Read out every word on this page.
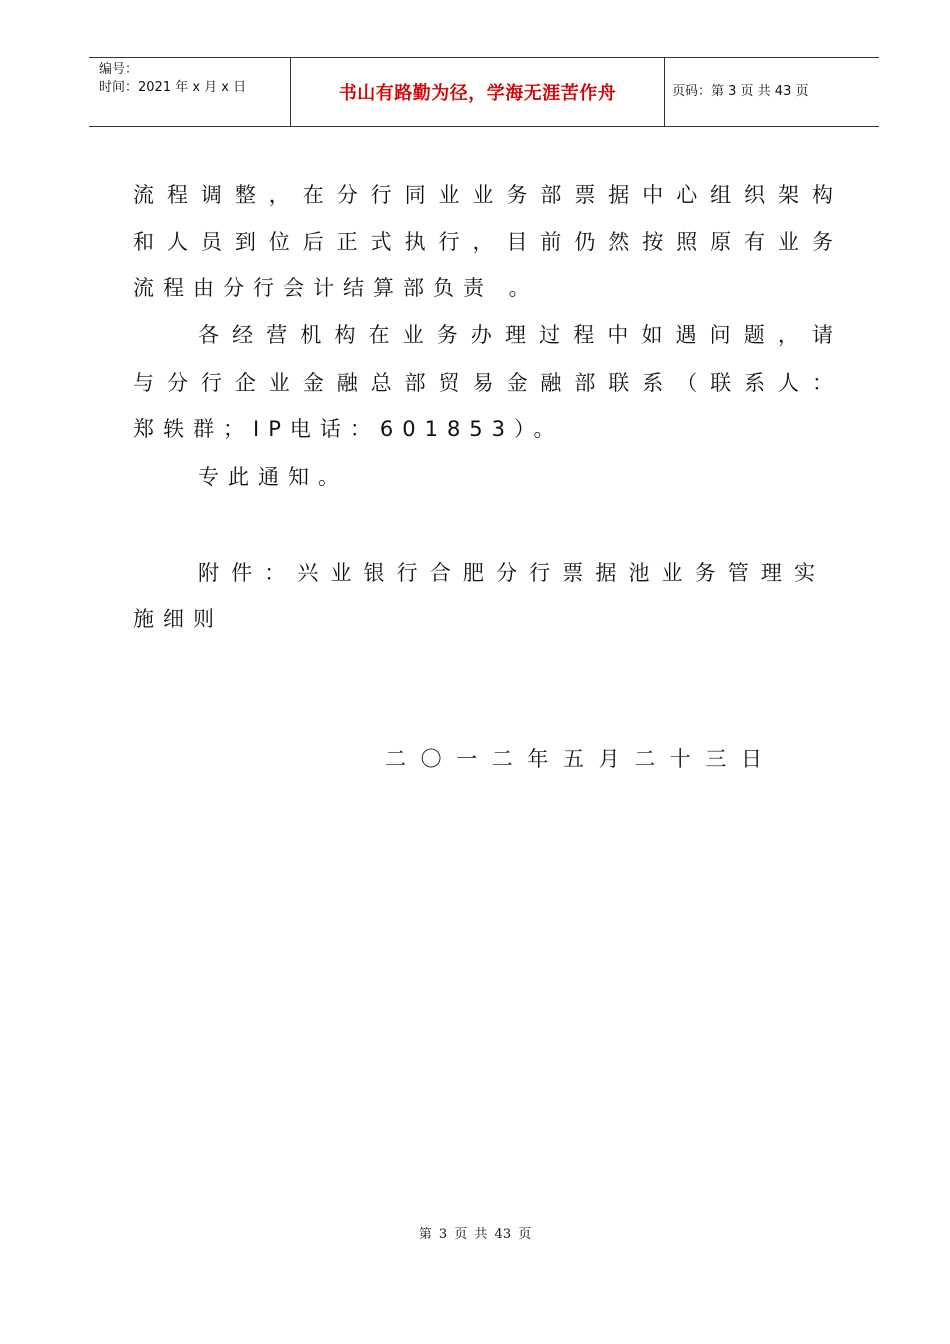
编号：
时间：2021 年 x 月 x 日	书山有路勤为径，学海无涯苦作舟	页码：第 3 页 共 43 页
流程调整，在分行同业业务部票据中心组织架构
和人员到位后正式执行，目前仍然按照原有业务
流程由分行会计结算部负责 。
各经营机构在业务办理过程中如遇问题，请
与分行企业金融总部贸易金融部联系（联系人：
郑轶群；IP电话：601853）。
专此通知。
附件：兴业银行合肥分行票据池业务管理实
施细则
二〇一二年五月二十三日
第 3 页 共 43 页
